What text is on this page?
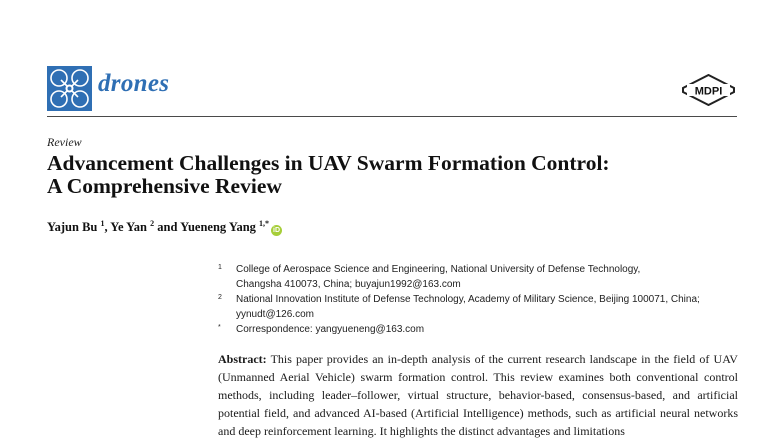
drones	MDPI
Review
Advancement Challenges in UAV Swarm Formation Control:
A Comprehensive Review
Yajun Bu $^1$, Ye Yan $^2$ and Yueneng Yang $^{1,*}$iD
1 College of Aerospace Science and Engineering, National University of Defense Technology,
Changsha 410073, China; buyajun1992@163.com
2 National Innovation Institute of Defense Technology, Academy of Military Science, Beijing 100071, China;
yynudt@126.com
* Correspondence: yangyueneng@163.com
Abstract: This paper provides an in-depth analysis of the current research landscape in the field of UAV (Unmanned Aerial Vehicle) swarm formation control. This review examines both conventional control methods, including leader–follower, virtual structure, behavior-based, consensus-based, and artificial potential field, and advanced AI-based (Artificial Intelligence) methods, such as artificial neural networks and deep reinforcement learning. It highlights the distinct advantages and limitations
